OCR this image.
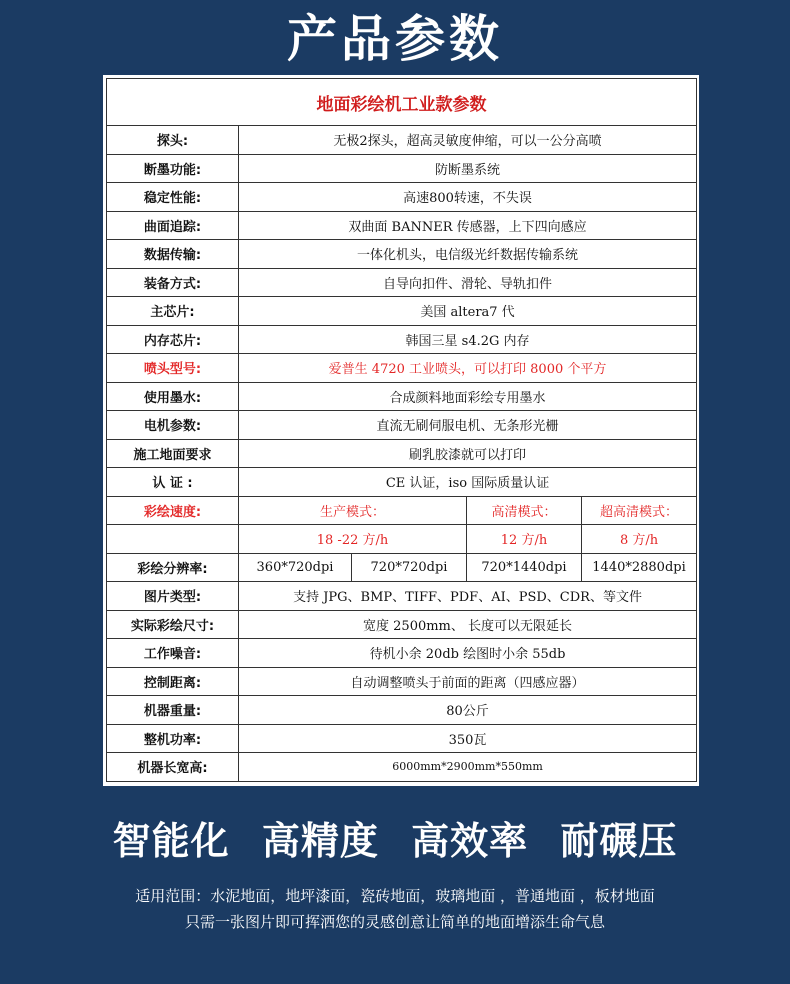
产品参数
地面彩绘机工业款参数				
探头:	无极2探头，超高灵敏度伸缩，可以一公分高喷			
断墨功能:	防断墨系统			
稳定性能:	高速800转速，不失误			
曲面追踪:	双曲面 BANNER 传感器，上下四向感应			
数据传输:	一体化机头，电信级光纤数据传输系统			
装备方式:	自导向扣件、滑轮、导轨扣件			
主芯片:	美国 altera7 代			
内存芯片:	韩国三星 s4.2G 内存			
喷头型号:	爱普生 4720 工业喷头，可以打印 8000 个平方			
使用墨水:	合成颜料地面彩绘专用墨水			
电机参数:	直流无刷伺服电机、无条形光栅			
施工地面要求	刷乳胶漆就可以打印			
认 证 :	CE 认证，iso 国际质量认证			
彩绘速度:	生产模式：		高清模式：	超高清模式：
	18 -22 方/h		12 方/h	8 方/h
彩绘分辨率:	360*720dpi	720*720dpi	720*1440dpi	1440*2880dpi
图片类型:	支持 JPG、BMP、TIFF、PDF、AI、PSD、CDR、等文件			
实际彩绘尺寸:	宽度 2500mm、 长度可以无限延长			
工作噪音:	待机小余 20db 绘图时小余 55db			
控制距离:	自动调整喷头于前面的距离（四感应器）			
机器重量:	80公斤			
整机功率:	350瓦			
机器长宽高:	6000mm*2900mm*550mm			
智能化 高精度 高效率 耐碾压
适用范围：水泥地面，地坪漆面，瓷砖地面，玻璃地面 ，普通地面 ，板材地面
只需一张图片即可挥洒您的灵感创意让简单的地面增添生命气息
